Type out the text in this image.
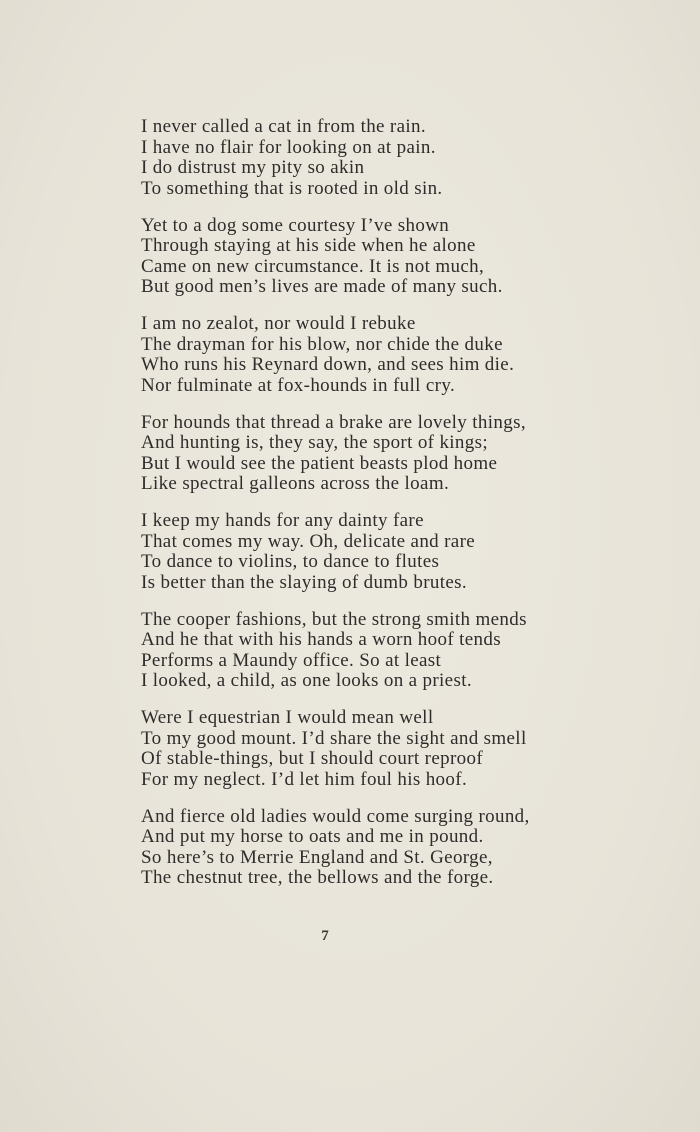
I never called a cat in from the rain.
I have no flair for looking on at pain.
I do distrust my pity so akin
To something that is rooted in old sin.
Yet to a dog some courtesy I’ve shown
Through staying at his side when he alone
Came on new circumstance. It is not much,
But good men’s lives are made of many such.
I am no zealot, nor would I rebuke
The drayman for his blow, nor chide the duke
Who runs his Reynard down, and sees him die.
Nor fulminate at fox-hounds in full cry.
For hounds that thread a brake are lovely things,
And hunting is, they say, the sport of kings;
But I would see the patient beasts plod home
Like spectral galleons across the loam.
I keep my hands for any dainty fare
That comes my way. Oh, delicate and rare
To dance to violins, to dance to flutes
Is better than the slaying of dumb brutes.
The cooper fashions, but the strong smith mends
And he that with his hands a worn hoof tends
Performs a Maundy office. So at least
I looked, a child, as one looks on a priest.
Were I equestrian I would mean well
To my good mount. I’d share the sight and smell
Of stable-things, but I should court reproof
For my neglect. I’d let him foul his hoof.
And fierce old ladies would come surging round,
And put my horse to oats and me in pound.
So here’s to Merrie England and St. George,
The chestnut tree, the bellows and the forge.
7
